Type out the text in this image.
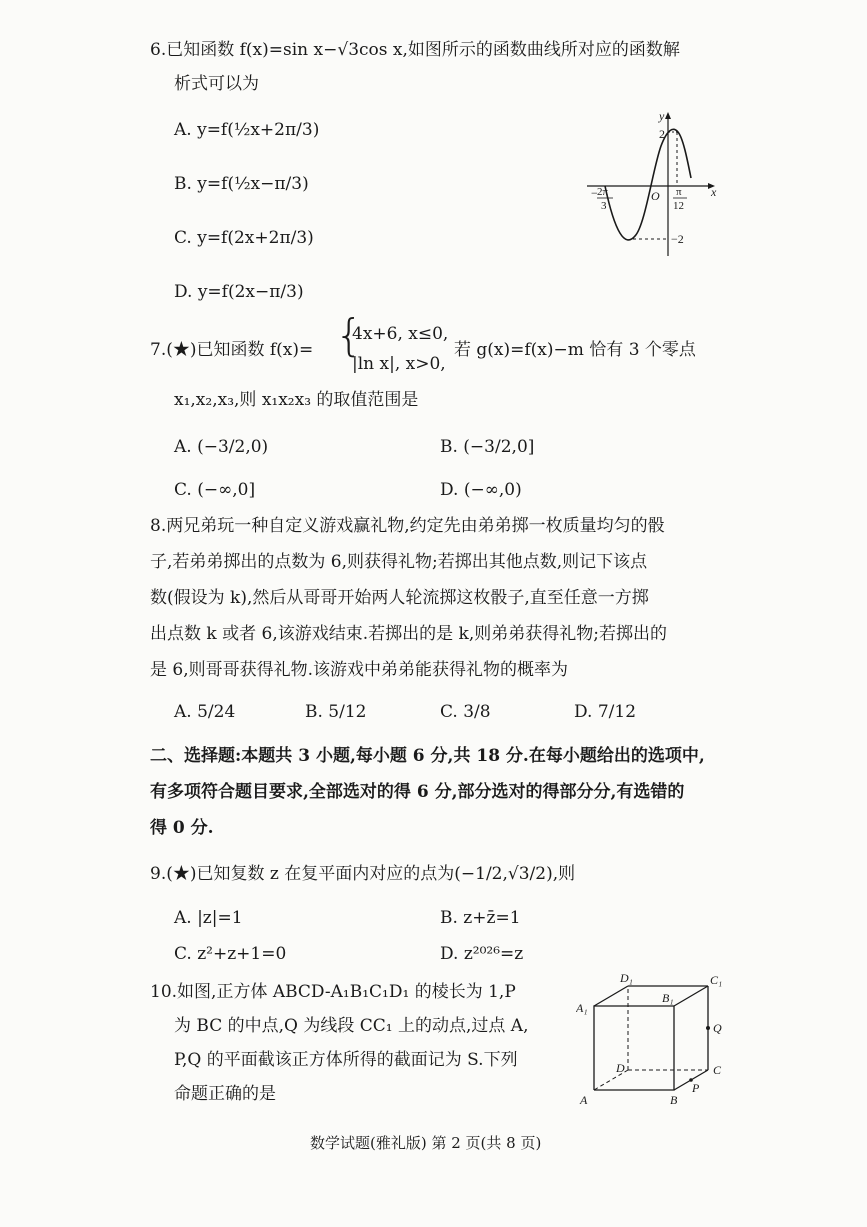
6.已知函数 f(x)=sin x−√3cos x,如图所示的函数曲线所对应的函数解
析式可以为
A. y=f(½x+2π/3)
B. y=f(½x−π/3)
C. y=f(2x+2π/3)
D. y=f(2x−π/3)
y
x
2
−2
O
− 2π
3
π
12
7.(★)已知函数 f(x)= {
4x+6, x≤0,
|ln x|, x>0,
若 g(x)=f(x)−m 恰有 3 个零点
x₁,x₂,x₃,则 x₁x₂x₃ 的取值范围是
A. (−3/2,0)	B. (−3/2,0]
C. (−∞,0]	D. (−∞,0)
8.两兄弟玩一种自定义游戏赢礼物,约定先由弟弟掷一枚质量均匀的骰
子,若弟弟掷出的点数为 6,则获得礼物;若掷出其他点数,则记下该点
数(假设为 k),然后从哥哥开始两人轮流掷这枚骰子,直至任意一方掷
出点数 k 或者 6,该游戏结束.若掷出的是 k,则弟弟获得礼物;若掷出的
是 6,则哥哥获得礼物.该游戏中弟弟能获得礼物的概率为
A. 5/24	B. 5/12	C. 3/8	D. 7/12
二、选择题:本题共 3 小题,每小题 6 分,共 18 分.在每小题给出的选项中,
有多项符合题目要求,全部选对的得 6 分,部分选对的得部分分,有选错的
得 0 分.
9.(★)已知复数 z 在复平面内对应的点为(−1/2,√3/2),则
A. |z|=1	B. z+z̄=1
C. z²+z+1=0	D. z²⁰²⁶=z
10.如图,正方体 ABCD-A₁B₁C₁D₁ 的棱长为 1,P
为 BC 的中点,Q 为线段 CC₁ 上的动点,过点 A,
P,Q 的平面截该正方体所得的截面记为 S.下列
命题正确的是	A	B
C
D
A₁
B₁
C₁
D₁
P
Q
数学试题(雅礼版) 第 2 页(共 8 页)
